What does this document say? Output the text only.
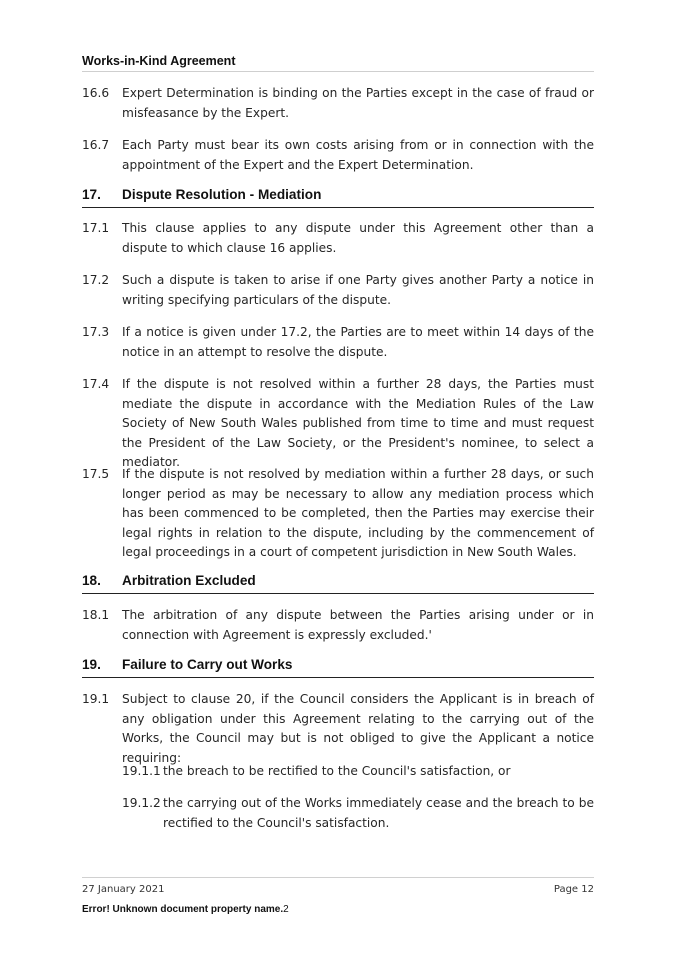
Works-in-Kind Agreement
16.6	Expert Determination is binding on the Parties except in the case of fraud or misfeasance by the Expert.
16.7	Each Party must bear its own costs arising from or in connection with the appointment of the Expert and the Expert Determination.
17. Dispute Resolution - Mediation
17.1	This clause applies to any dispute under this Agreement other than a dispute to which clause 16 applies.
17.2	Such a dispute is taken to arise if one Party gives another Party a notice in writing specifying particulars of the dispute.
17.3	If a notice is given under 17.2, the Parties are to meet within 14 days of the notice in an attempt to resolve the dispute.
17.4	If the dispute is not resolved within a further 28 days, the Parties must mediate the dispute in accordance with the Mediation Rules of the Law Society of New South Wales published from time to time and must request the President of the Law Society, or the President's nominee, to select a mediator.
17.5	If the dispute is not resolved by mediation within a further 28 days, or such longer period as may be necessary to allow any mediation process which has been commenced to be completed, then the Parties may exercise their legal rights in relation to the dispute, including by the commencement of legal proceedings in a court of competent jurisdiction in New South Wales.
18. Arbitration Excluded
18.1	The arbitration of any dispute between the Parties arising under or in connection with Agreement is expressly excluded.'
19. Failure to Carry out Works
19.1	Subject to clause 20, if the Council considers the Applicant is in breach of any obligation under this Agreement relating to the carrying out of the Works, the Council may but is not obliged to give the Applicant a notice requiring:
19.1.1 the breach to be rectified to the Council's satisfaction, or
19.1.2 the carrying out of the Works immediately cease and the breach to be rectified to the Council's satisfaction.
27 January 2021	Page 12
Error! Unknown document property name.2
